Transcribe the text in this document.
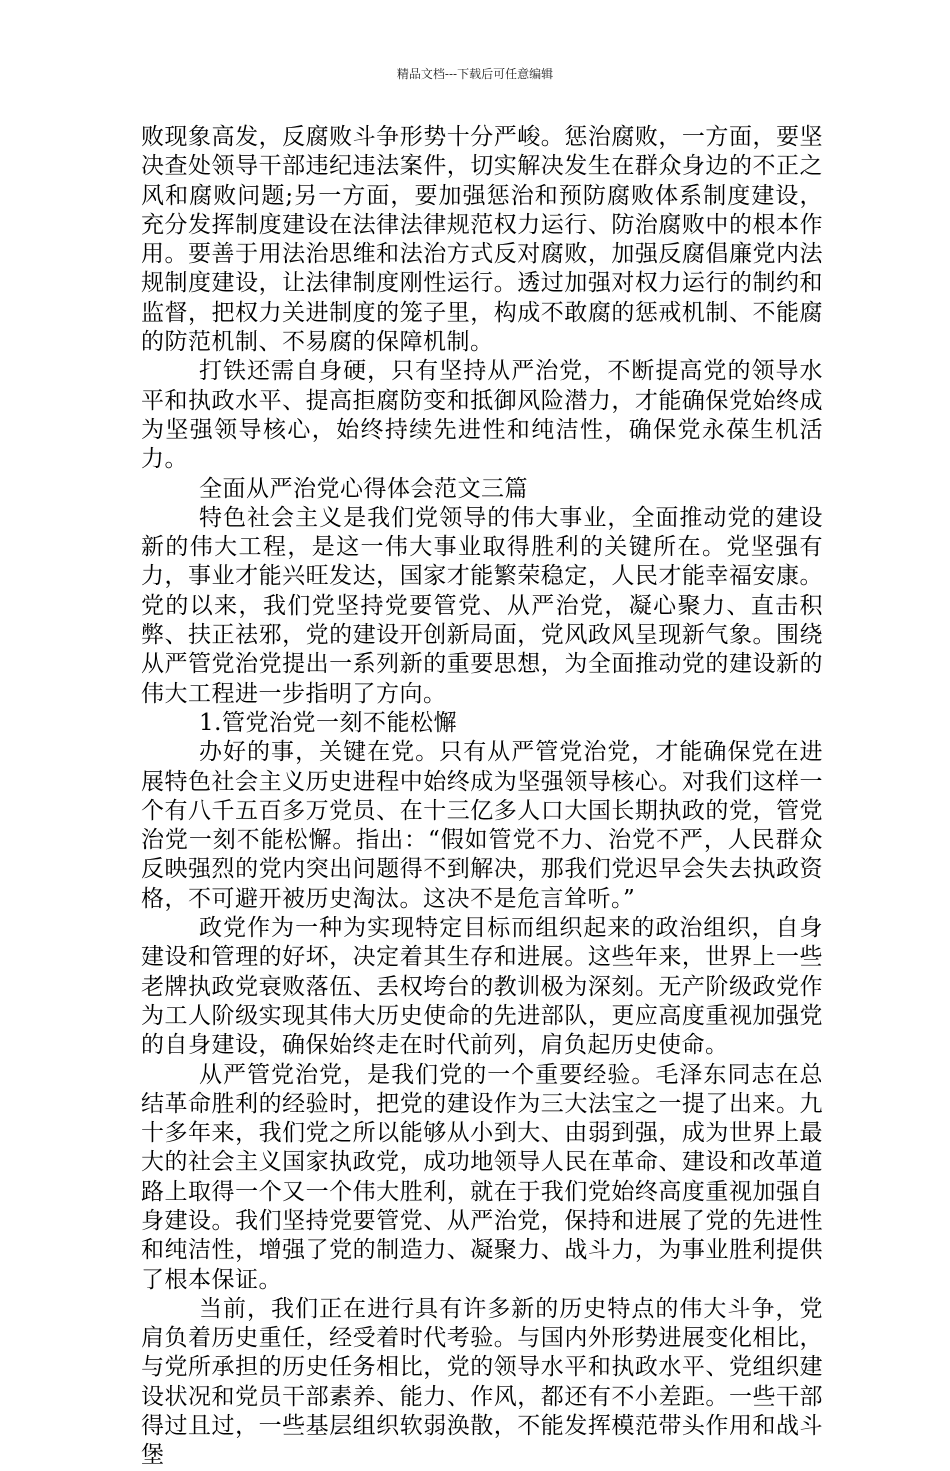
精品文档---下载后可任意编辑

败现象高发，反腐败斗争形势十分严峻。惩治腐败，一方面，要坚决查处领导干部违纪违法案件，切实解决发生在群众身边的不正之风和腐败问题;另一方面，要加强惩治和预防腐败体系制度建设，充分发挥制度建设在法律法律规范权力运行、防治腐败中的根本作用。要善于用法治思维和法治方式反对腐败，加强反腐倡廉党内法规制度建设，让法律制度刚性运行。透过加强对权力运行的制约和监督，把权力关进制度的笼子里，构成不敢腐的惩戒机制、不能腐的防范机制、不易腐的保障机制。

打铁还需自身硬，只有坚持从严治党，不断提高党的领导水平和执政水平、提高拒腐防变和抵御风险潜力，才能确保党始终成为坚强领导核心，始终持续先进性和纯洁性，确保党永葆生机活力。

全面从严治党心得体会范文三篇

特色社会主义是我们党领导的伟大事业，全面推动党的建设新的伟大工程，是这一伟大事业取得胜利的关键所在。党坚强有力，事业才能兴旺发达，国家才能繁荣稳定，人民才能幸福安康。党的以来，我们党坚持党要管党、从严治党，凝心聚力、直击积弊、扶正祛邪，党的建设开创新局面，党风政风呈现新气象。围绕从严管党治党提出一系列新的重要思想，为全面推动党的建设新的伟大工程进一步指明了方向。

1.管党治党一刻不能松懈

办好的事，关键在党。只有从严管党治党，才能确保党在进展特色社会主义历史进程中始终成为坚强领导核心。对我们这样一个有八千五百多万党员、在十三亿多人口大国长期执政的党，管党治党一刻不能松懈。指出：“假如管党不力、治党不严，人民群众反映强烈的党内突出问题得不到解决，那我们党迟早会失去执政资格，不可避开被历史淘汰。这决不是危言耸听。”

政党作为一种为实现特定目标而组织起来的政治组织，自身建设和管理的好坏，决定着其生存和进展。这些年来，世界上一些老牌执政党衰败落伍、丢权垮台的教训极为深刻。无产阶级政党作为工人阶级实现其伟大历史使命的先进部队，更应高度重视加强党的自身建设，确保始终走在时代前列，肩负起历史使命。

从严管党治党，是我们党的一个重要经验。毛泽东同志在总结革命胜利的经验时，把党的建设作为三大法宝之一提了出来。九十多年来，我们党之所以能够从小到大、由弱到强，成为世界上最大的社会主义国家执政党，成功地领导人民在革命、建设和改革道路上取得一个又一个伟大胜利，就在于我们党始终高度重视加强自身建设。我们坚持党要管党、从严治党，保持和进展了党的先进性和纯洁性，增强了党的制造力、凝聚力、战斗力，为事业胜利提供了根本保证。

当前，我们正在进行具有许多新的历史特点的伟大斗争，党肩负着历史重任，经受着时代考验。与国内外形势进展变化相比，与党所承担的历史任务相比，党的领导水平和执政水平、党组织建设状况和党员干部素养、能力、作风，都还有不小差距。一些干部得过且过，一些基层组织软弱涣散，不能发挥模范带头作用和战斗堡
